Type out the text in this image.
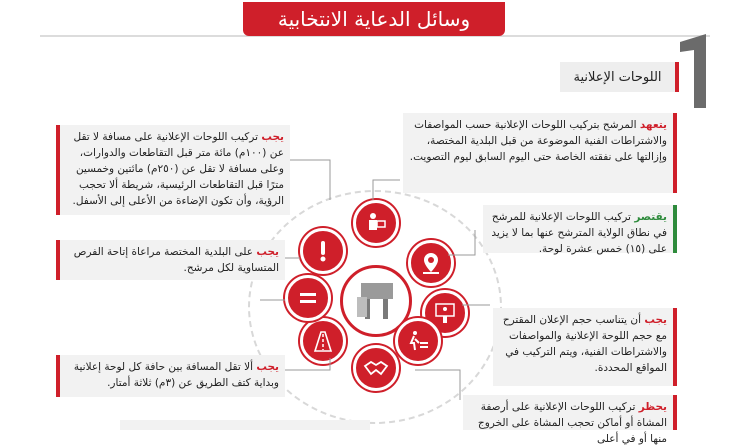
وسائل الدعاية الانتخابية
اللوحات الإعلانية
يتعهد المرشح بتركيب اللوحات الإعلانية حسب المواصفات والاشتراطات الفنية الموضوعة من قبل البلدية المختصة، وإزالتها على نفقته الخاصة حتى اليوم السابق ليوم التصويت.
يقتصر تركيب اللوحات الإعلانية للمرشح في نطاق الولاية المترشح عنها بما لا يزيد على (١٥) خمس عشرة لوحة.
يجب أن يتناسب حجم الإعلان المقترح مع حجم اللوحة الإعلانية والمواصفات والاشتراطات الفنية، ويتم التركيب في المواقع المحددة.
يحظر تركيب اللوحات الإعلانية على أرصفة المشاة أو أماكن تحجب المشاة على الخروج منها أو في أعلى
يجب تركيب اللوحات الإعلانية على مسافة لا تقل عن (١٠٠م) مائة متر قبل التقاطعات والدوارات، وعلى مسافة لا تقل عن (٢٥٠م) مائتين وخمسين مترًا قبل التقاطعات الرئيسية، شريطة ألا تحجب الرؤية، وأن تكون الإضاءة من الأعلى إلى الأسفل.
يجب على البلدية المختصة مراعاة إتاحة الفرص المتساوية لكل مرشح.
يجب ألا تقل المسافة بين حافة كل لوحة إعلانية وبداية كتف الطريق عن (٣م) ثلاثة أمتار.
